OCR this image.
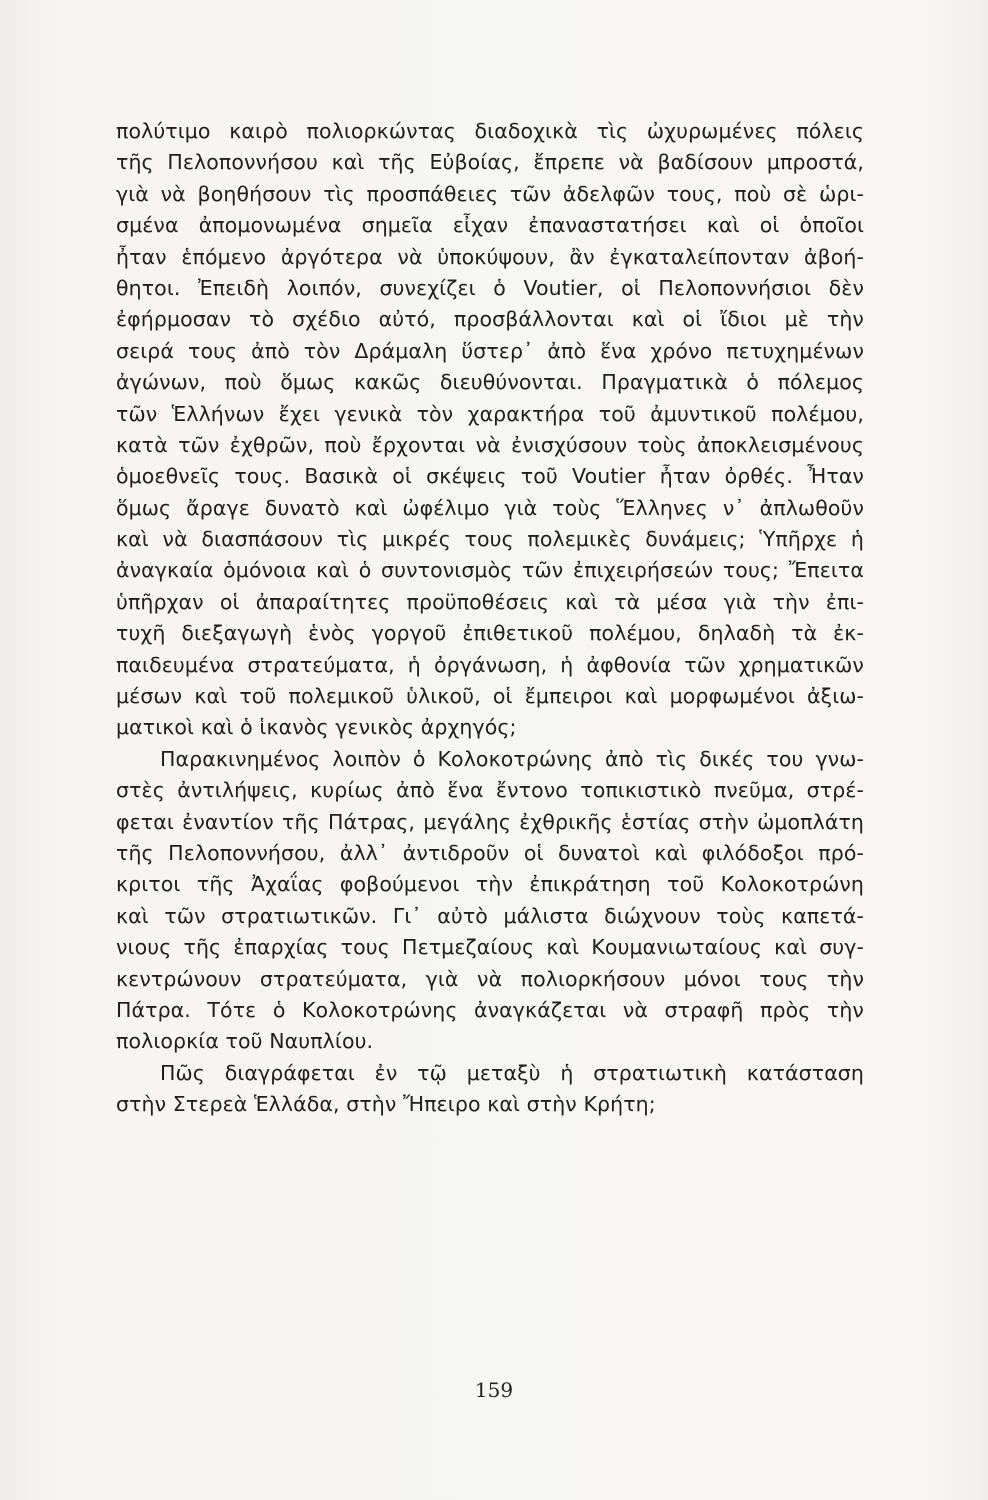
πολύτιμο καιρὸ πολιορκώντας διαδοχικὰ τὶς ὠχυρωμένες πόλεις
τῆς Πελοποννήσου καὶ τῆς Εὐβοίας, ἔπρεπε νὰ βαδίσουν μπροστά,
γιὰ νὰ βοηθήσουν τὶς προσπάθειες τῶν ἀδελφῶν τους, ποὺ σὲ ὡρι-
σμένα ἀπομονωμένα σημεῖα εἶχαν ἐπαναστατήσει καὶ οἱ ὁποῖοι
ἦταν ἑπόμενο ἀργότερα νὰ ὑποκύψουν, ἂν ἐγκαταλείπονταν ἀβοή-
θητοι. Ἐπειδὴ λοιπόν, συνεχίζει ὁ Voutier, οἱ Πελοποννήσιοι δὲν
ἐφήρμοσαν τὸ σχέδιο αὐτό, προσβάλλονται καὶ οἱ ἴδιοι μὲ τὴν
σειρά τους ἀπὸ τὸν Δράμαλη ὕστερ᾽ ἀπὸ ἕνα χρόνο πετυχημένων
ἀγώνων, ποὺ ὅμως κακῶς διευθύνονται. Πραγματικὰ ὁ πόλεμος
τῶν Ἑλλήνων ἔχει γενικὰ τὸν χαρακτήρα τοῦ ἀμυντικοῦ πολέμου,
κατὰ τῶν ἐχθρῶν, ποὺ ἔρχονται νὰ ἐνισχύσουν τοὺς ἀποκλεισμένους
ὁμοεθνεῖς τους. Βασικὰ οἱ σκέψεις τοῦ Voutier ἦταν ὀρθές. Ἦταν
ὅμως ἄραγε δυνατὸ καὶ ὠφέλιμο γιὰ τοὺς Ἕλληνες ν᾽ ἀπλωθοῦν
καὶ νὰ διασπάσουν τὶς μικρές τους πολεμικὲς δυνάμεις; Ὑπῆρχε ἡ
ἀναγκαία ὁμόνοια καὶ ὁ συντονισμὸς τῶν ἐπιχειρήσεών τους; Ἔπειτα
ὑπῆρχαν οἱ ἀπαραίτητες προϋποθέσεις καὶ τὰ μέσα γιὰ τὴν ἐπι-
τυχῆ διεξαγωγὴ ἑνὸς γοργοῦ ἐπιθετικοῦ πολέμου, δηλαδὴ τὰ ἐκ-
παιδευμένα στρατεύματα, ἡ ὀργάνωση, ἡ ἀφθονία τῶν χρηματικῶν
μέσων καὶ τοῦ πολεμικοῦ ὑλικοῦ, οἱ ἔμπειροι καὶ μορφωμένοι ἀξιω-
ματικοὶ καὶ ὁ ἱκανὸς γενικὸς ἀρχηγός;
Παρακινημένος λοιπὸν ὁ Κολοκοτρώνης ἀπὸ τὶς δικές του γνω-
στὲς ἀντιλήψεις, κυρίως ἀπὸ ἕνα ἔντονο τοπικιστικὸ πνεῦμα, στρέ-
φεται ἐναντίον τῆς Πάτρας, μεγάλης ἐχθρικῆς ἑστίας στὴν ὠμοπλάτη
τῆς Πελοποννήσου, ἀλλ᾽ ἀντιδροῦν οἱ δυνατοὶ καὶ φιλόδοξοι πρό-
κριτοι τῆς Ἀχαΐας φοβούμενοι τὴν ἐπικράτηση τοῦ Κολοκοτρώνη
καὶ τῶν στρατιωτικῶν. Γι᾽ αὐτὸ μάλιστα διώχνουν τοὺς καπετά-
νιους τῆς ἐπαρχίας τους Πετμεζαίους καὶ Κουμανιωταίους καὶ συγ-
κεντρώνουν στρατεύματα, γιὰ νὰ πολιορκήσουν μόνοι τους τὴν
Πάτρα. Τότε ὁ Κολοκοτρώνης ἀναγκάζεται νὰ στραφῆ πρὸς τὴν
πολιορκία τοῦ Ναυπλίου.
Πῶς διαγράφεται ἐν τῷ μεταξὺ ἡ στρατιωτικὴ κατάσταση
στὴν Στερεὰ Ἑλλάδα, στὴν Ἤπειρο καὶ στὴν Κρήτη;
159
